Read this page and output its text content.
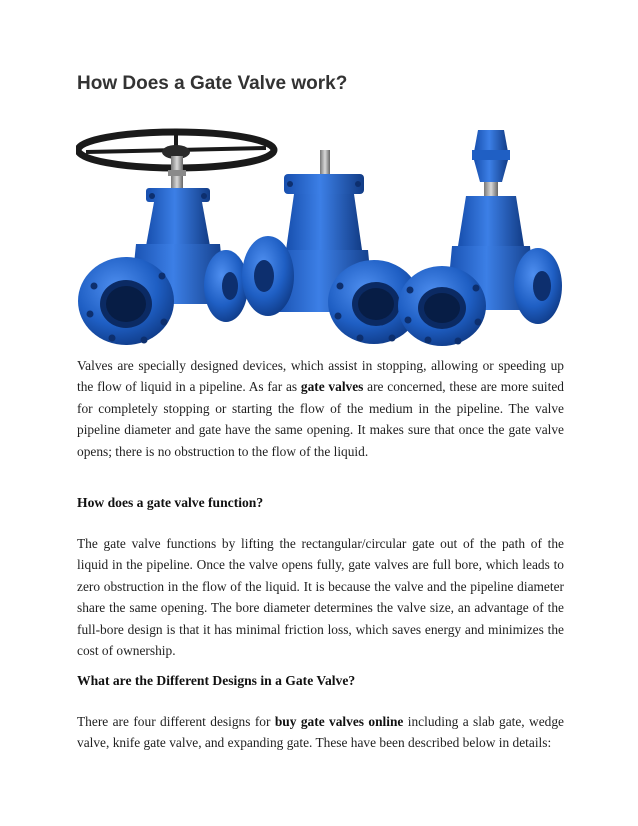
How Does a Gate Valve work?

Valves are specially designed devices, which assist in stopping, allowing or speeding up the flow of liquid in a pipeline. As far as gate valves are concerned, these are more suited for completely stopping or starting the flow of the medium in the pipeline. The valve pipeline diameter and gate have the same opening. It makes sure that once the gate valve opens; there is no obstruction to the flow of the liquid.

How does a gate valve function?

The gate valve functions by lifting the rectangular/circular gate out of the path of the liquid in the pipeline. Once the valve opens fully, gate valves are full bore, which leads to zero obstruction in the flow of the liquid. It is because the valve and the pipeline diameter share the same opening. The bore diameter determines the valve size, an advantage of the full-bore design is that it has minimal friction loss, which saves energy and minimizes the cost of ownership.

What are the Different Designs in a Gate Valve?

There are four different designs for buy gate valves online including a slab gate, wedge valve, knife gate valve, and expanding gate. These have been described below in details:
